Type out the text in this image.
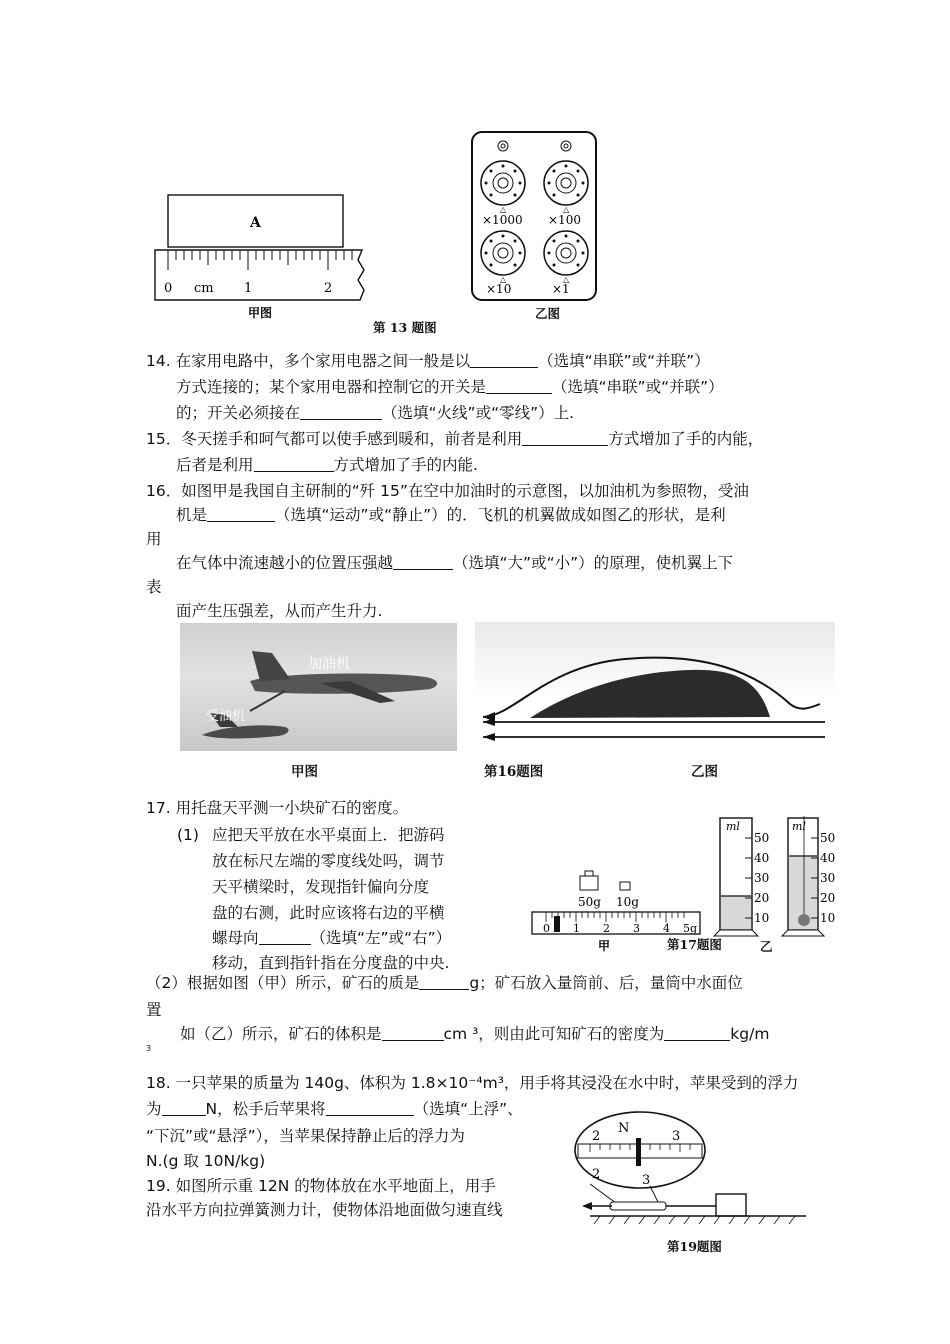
A
0 cm 1	2
甲图
△	△
△	△
×1000 ×100
×10	×1
乙图
第 13 题图
14. 在家用电路中，多个家用电器之间一般是以	（选填“串联”或“并联”）
方式连接的；某个家用电器和控制它的开关是	（选填“串联”或“并联”）
的；开关必须接在	（选填“火线”或“零线”）上.
15．冬天搓手和呵气都可以使手感到暖和，前者是利用	方式增加了手的内能，
后者是利用	方式增加了手的内能.
16．如图甲是我国自主研制的“歼 15”在空中加油时的示意图，以加油机为参照物，受油
机是	（选填“运动”或“静止”）的．飞机的机翼做成如图乙的形状，是利
用
在气体中流速越小的位置压强越	（选填“大”或“小”）的原理，使机翼上下
表
面产生压强差，从而产生升力.
加油机
受油机
甲图	第16题图	乙图
17. 用托盘天平测一小块矿石的密度。
(1) 应把天平放在水平桌面上．把游码
放在标尺左端的零度线处吗，调节
天平横梁时，发现指针偏向分度
盘的右测，此时应该将右边的平横
螺母向	（选填“左”或“右”）
移动，直到指针指在分度盘的中央.
50g 10g
0 1 2 3 4 5g
甲	第17题图
ml
50
40
30
20
10
ml
50
40
30
20
10
乙
（2）根据如图（甲）所示，矿石的质是	g；矿石放入量筒前、后，量筒中水面位
置
如（乙）所示，矿石的体积是	cm ³，则由此可知矿石的密度为	kg/m
3
18. 一只苹果的质量为 140g、体积为 1.8×10⁻⁴m³，用手将其浸没在水中时，苹果受到的浮力
为	N，松手后苹果将	（选填“上浮”、
“下沉”或“悬浮”），当苹果保持静止后的浮力为
N.(g 取 10N/kg)
19. 如图所示重 12N 的物体放在水平地面上，用手
沿水平方向拉弹簧测力计，使物体沿地面做匀速直线
2
N
3
2	3
第19题图
